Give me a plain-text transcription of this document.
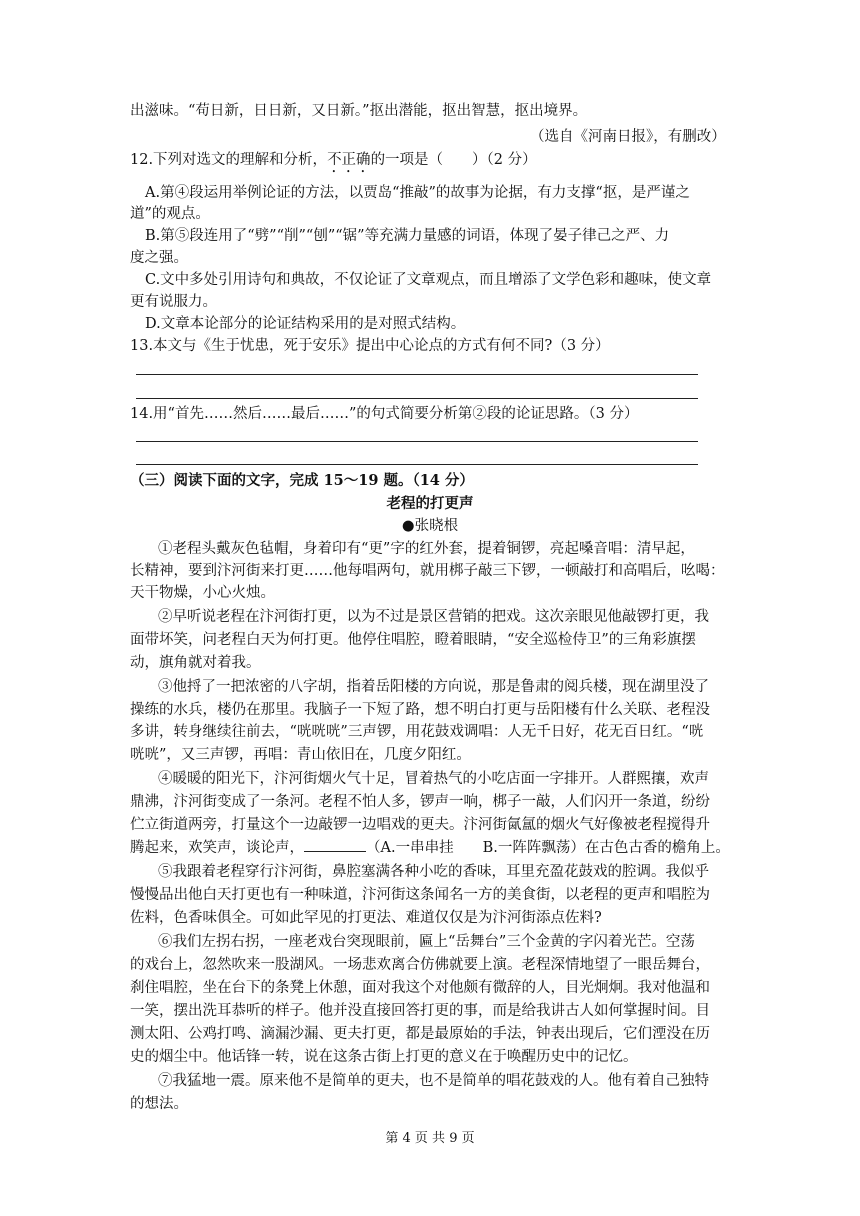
出滋味。“苟日新，日日新，又日新。”抠出潜能，抠出智慧，抠出境界。
（选自《河南日报》，有删改）
12.下列对选文的理解和分析，不正确的一项是（　　）（2 分）
A.第④段运用举例论证的方法，以贾岛“推敲”的故事为论据，有力支撑“抠，是严谨之
道”的观点。
B.第⑤段连用了“劈”“削”“刨”“锯”等充满力量感的词语，体现了晏子律己之严、力
度之强。
C.文中多处引用诗句和典故，不仅论证了文章观点，而且增添了文学色彩和趣味，使文章
更有说服力。
D.文章本论部分的论证结构采用的是对照式结构。
13.本文与《生于忧患，死于安乐》提出中心论点的方式有何不同?（3 分）
14.用“首先……然后……最后……”的句式简要分析第②段的论证思路。（3 分）
（三）阅读下面的文字，完成 15～19 题。（14 分）
老程的打更声
●张晓根
①老程头戴灰色毡帽，身着印有“更”字的红外套，提着铜锣，亮起嗓音唱：清早起，
长精神，要到汴河街来打更……他每唱两句，就用梆子敲三下锣，一顿敲打和高唱后，吆喝：
天干物燥，小心火烛。
②早听说老程在汴河街打更，以为不过是景区营销的把戏。这次亲眼见他敲锣打更，我
面带坏笑，问老程白天为何打更。他停住唱腔，瞪着眼睛，“安全巡检侍卫”的三角彩旗摆
动，旗角就对着我。
③他捋了一把浓密的八字胡，指着岳阳楼的方向说，那是鲁肃的阅兵楼，现在湖里没了
操练的水兵，楼仍在那里。我脑子一下短了路，想不明白打更与岳阳楼有什么关联、老程没
多讲，转身继续往前去，“咣咣咣”三声锣，用花鼓戏调唱：人无千日好，花无百日红。“咣
咣咣”，又三声锣，再唱：青山依旧在，几度夕阳红。
④暖暖的阳光下，汴河街烟火气十足，冒着热气的小吃店面一字排开。人群熙攘，欢声
鼎沸，汴河街变成了一条河。老程不怕人多，锣声一响，梆子一敲，人们闪开一条道，纷纷
伫立街道两旁，打量这个一边敲锣一边唱戏的更夫。汴河街氤氲的烟火气好像被老程搅得升
腾起来，欢笑声，谈论声，	（A.一串串挂　　B.一阵阵飘荡）在古色古香的檐角上。
⑤我跟着老程穿行汴河街，鼻腔塞满各种小吃的香味，耳里充盈花鼓戏的腔调。我似乎
慢慢品出他白天打更也有一种味道，汴河街这条闻名一方的美食街，以老程的更声和唱腔为
佐料，色香味俱全。可如此罕见的打更法、难道仅仅是为汴河街添点佐料?
⑥我们左拐右拐，一座老戏台突现眼前，匾上“岳舞台”三个金黄的字闪着光芒。空荡
的戏台上，忽然吹来一股湖风。一场悲欢离合仿佛就要上演。老程深情地望了一眼岳舞台，
刹住唱腔，坐在台下的条凳上休憩，面对我这个对他颇有微辞的人，目光炯炯。我对他温和
一笑，摆出洗耳恭听的样子。他并没直接回答打更的事，而是给我讲古人如何掌握时间。目
测太阳、公鸡打鸣、滴漏沙漏、更夫打更，都是最原始的手法，钟表出现后，它们湮没在历
史的烟尘中。他话锋一转，说在这条古街上打更的意义在于唤醒历史中的记忆。
⑦我猛地一震。原来他不是简单的更夫，也不是简单的唱花鼓戏的人。他有着自己独特
的想法。
第 4 页 共 9 页
